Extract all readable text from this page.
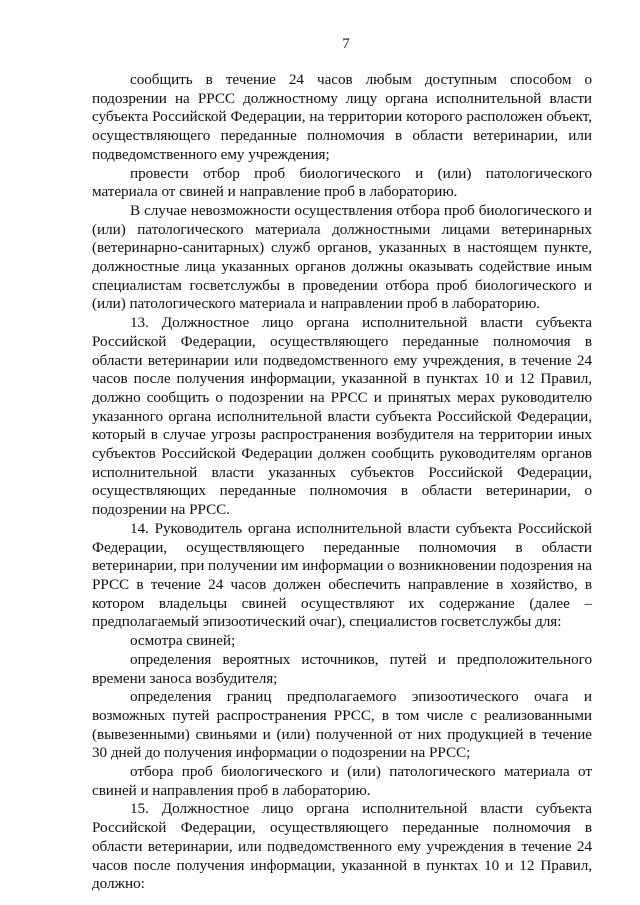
7

сообщить в течение 24 часов любым доступным способом о подозрении на РРСС должностному лицу органа исполнительной власти субъекта Российской Федерации, на территории которого расположен объект, осуществляющего переданные полномочия в области ветеринарии, или подведомственного ему учреждения;

провести отбор проб биологического и (или) патологического материала от свиней и направление проб в лабораторию.

В случае невозможности осуществления отбора проб биологического и (или) патологического материала должностными лицами ветеринарных (ветеринарно-санитарных) служб органов, указанных в настоящем пункте, должностные лица указанных органов должны оказывать содействие иным специалистам госветслужбы в проведении отбора проб биологического и (или) патологического материала и направлении проб в лабораторию.

13. Должностное лицо органа исполнительной власти субъекта Российской Федерации, осуществляющего переданные полномочия в области ветеринарии или подведомственного ему учреждения, в течение 24 часов после получения информации, указанной в пунктах 10 и 12 Правил, должно сообщить о подозрении на РРСС и принятых мерах руководителю указанного органа исполнительной власти субъекта Российской Федерации, который в случае угрозы распространения возбудителя на территории иных субъектов Российской Федерации должен сообщить руководителям органов исполнительной власти указанных субъектов Российской Федерации, осуществляющих переданные полномочия в области ветеринарии, о подозрении на РРСС.

14. Руководитель органа исполнительной власти субъекта Российской Федерации, осуществляющего переданные полномочия в области ветеринарии, при получении им информации о возникновении подозрения на РРСС в течение 24 часов должен обеспечить направление в хозяйство, в котором владельцы свиней осуществляют их содержание (далее – предполагаемый эпизоотический очаг), специалистов госветслужбы для:

осмотра свиней;

определения вероятных источников, путей и предположительного времени заноса возбудителя;

определения границ предполагаемого эпизоотического очага и возможных путей распространения РРСС, в том числе с реализованными (вывезенными) свиньями и (или) полученной от них продукцией в течение 30 дней до получения информации о подозрении на РРСС;

отбора проб биологического и (или) патологического материала от свиней и направления проб в лабораторию.

15. Должностное лицо органа исполнительной власти субъекта Российской Федерации, осуществляющего переданные полномочия в области ветеринарии, или подведомственного ему учреждения в течение 24 часов после получения информации, указанной в пунктах 10 и 12 Правил, должно:
